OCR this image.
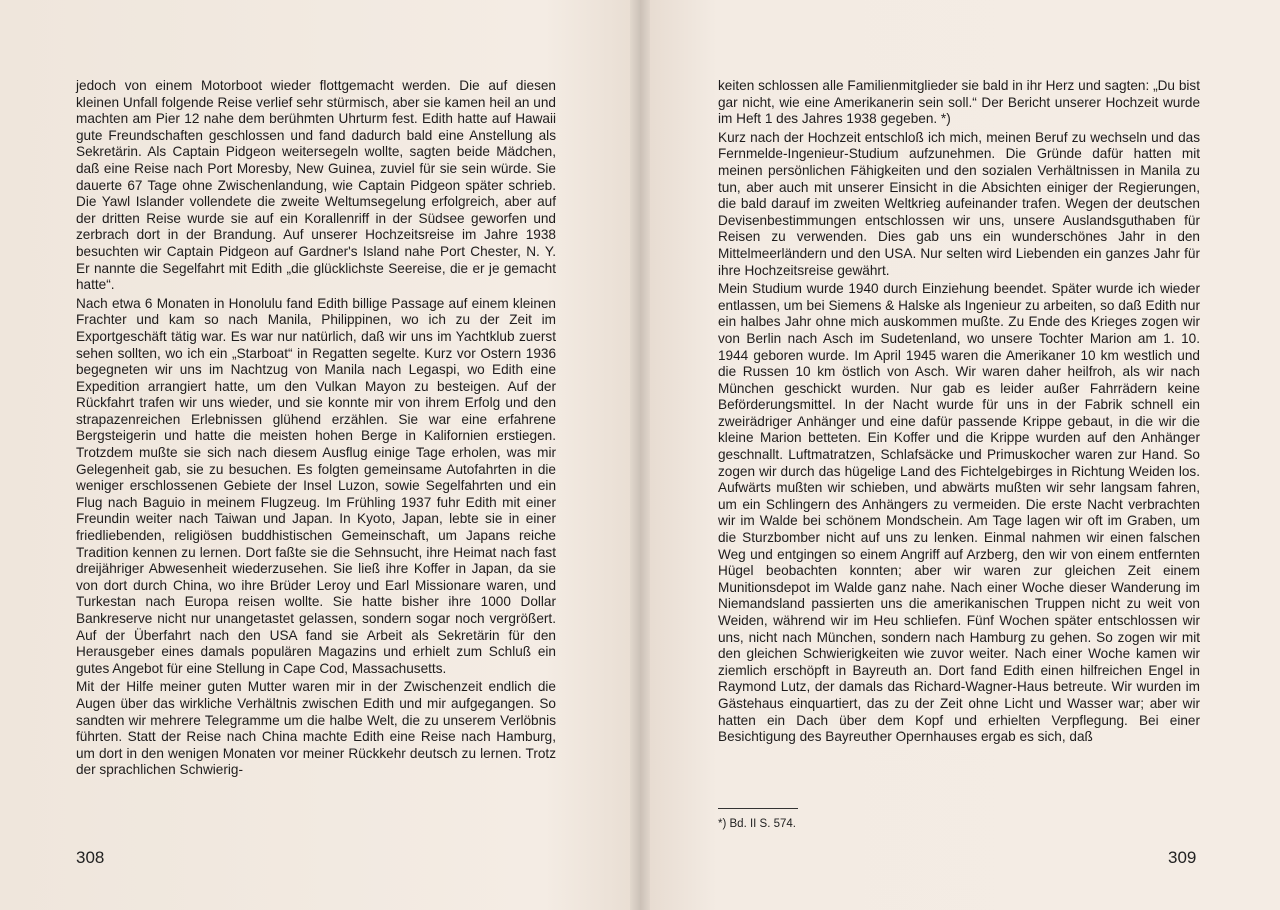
jedoch von einem Motorboot wieder flottgemacht werden. Die auf diesen kleinen Unfall folgende Reise verlief sehr stürmisch, aber sie kamen heil an und machten am Pier 12 nahe dem berühmten Uhrturm fest. Edith hatte auf Hawaii gute Freundschaften geschlossen und fand dadurch bald eine Anstellung als Sekretärin. Als Captain Pidgeon weitersegeln wollte, sagten beide Mädchen, daß eine Reise nach Port Moresby, New Guinea, zuviel für sie sein würde. Sie dauerte 67 Tage ohne Zwischenlandung, wie Captain Pidgeon später schrieb. Die Yawl Islander vollendete die zweite Weltumsegelung erfolgreich, aber auf der dritten Reise wurde sie auf ein Korallenriff in der Südsee geworfen und zerbrach dort in der Brandung. Auf unserer Hochzeitsreise im Jahre 1938 besuchten wir Captain Pidgeon auf Gardner's Island nahe Port Chester, N. Y. Er nannte die Segelfahrt mit Edith „die glücklichste Seereise, die er je gemacht hatte“.

Nach etwa 6 Monaten in Honolulu fand Edith billige Passage auf einem kleinen Frachter und kam so nach Manila, Philippinen, wo ich zu der Zeit im Exportgeschäft tätig war. Es war nur natürlich, daß wir uns im Yachtklub zuerst sehen sollten, wo ich ein „Starboat“ in Regatten segelte. Kurz vor Ostern 1936 begegneten wir uns im Nachtzug von Manila nach Legaspi, wo Edith eine Expedition arrangiert hatte, um den Vulkan Mayon zu besteigen. Auf der Rückfahrt trafen wir uns wieder, und sie konnte mir von ihrem Erfolg und den strapazenreichen Erlebnissen glühend erzählen. Sie war eine erfahrene Bergsteigerin und hatte die meisten hohen Berge in Kalifornien erstiegen. Trotzdem mußte sie sich nach diesem Ausflug einige Tage erholen, was mir Gelegenheit gab, sie zu besuchen. Es folgten gemeinsame Autofahrten in die weniger erschlossenen Gebiete der Insel Luzon, sowie Segelfahrten und ein Flug nach Baguio in meinem Flugzeug. Im Frühling 1937 fuhr Edith mit einer Freundin weiter nach Taiwan und Japan. In Kyoto, Japan, lebte sie in einer friedliebenden, religiösen buddhistischen Gemeinschaft, um Japans reiche Tradition kennen zu lernen. Dort faßte sie die Sehnsucht, ihre Heimat nach fast dreijähriger Abwesenheit wiederzusehen. Sie ließ ihre Koffer in Japan, da sie von dort durch China, wo ihre Brüder Leroy und Earl Missionare waren, und Turkestan nach Europa reisen wollte. Sie hatte bisher ihre 1000 Dollar Bankreserve nicht nur unangetastet gelassen, sondern sogar noch vergrößert. Auf der Überfahrt nach den USA fand sie Arbeit als Sekretärin für den Herausgeber eines damals populären Magazins und erhielt zum Schluß ein gutes Angebot für eine Stellung in Cape Cod, Massachusetts.

Mit der Hilfe meiner guten Mutter waren mir in der Zwischenzeit endlich die Augen über das wirkliche Verhältnis zwischen Edith und mir aufgegangen. So sandten wir mehrere Telegramme um die halbe Welt, die zu unserem Verlöbnis führten. Statt der Reise nach China machte Edith eine Reise nach Hamburg, um dort in den wenigen Monaten vor meiner Rückkehr deutsch zu lernen. Trotz der sprachlichen Schwierig-

308

keiten schlossen alle Familienmitglieder sie bald in ihr Herz und sagten: „Du bist gar nicht, wie eine Amerikanerin sein soll.“ Der Bericht unserer Hochzeit wurde im Heft 1 des Jahres 1938 gegeben. *)

Kurz nach der Hochzeit entschloß ich mich, meinen Beruf zu wechseln und das Fernmelde-Ingenieur-Studium aufzunehmen. Die Gründe dafür hatten mit meinen persönlichen Fähigkeiten und den sozialen Verhältnissen in Manila zu tun, aber auch mit unserer Einsicht in die Absichten einiger der Regierungen, die bald darauf im zweiten Weltkrieg aufeinander trafen. Wegen der deutschen Devisenbestimmungen entschlossen wir uns, unsere Auslandsguthaben für Reisen zu verwenden. Dies gab uns ein wunderschönes Jahr in den Mittelmeerländern und den USA. Nur selten wird Liebenden ein ganzes Jahr für ihre Hochzeitsreise gewährt.

Mein Studium wurde 1940 durch Einziehung beendet. Später wurde ich wieder entlassen, um bei Siemens & Halske als Ingenieur zu arbeiten, so daß Edith nur ein halbes Jahr ohne mich auskommen mußte. Zu Ende des Krieges zogen wir von Berlin nach Asch im Sudetenland, wo unsere Tochter Marion am 1. 10. 1944 geboren wurde. Im April 1945 waren die Amerikaner 10 km westlich und die Russen 10 km östlich von Asch. Wir waren daher heilfroh, als wir nach München geschickt wurden. Nur gab es leider außer Fahrrädern keine Beförderungsmittel. In der Nacht wurde für uns in der Fabrik schnell ein zweirädriger Anhänger und eine dafür passende Krippe gebaut, in die wir die kleine Marion betteten. Ein Koffer und die Krippe wurden auf den Anhänger geschnallt. Luftmatratzen, Schlafsäcke und Primuskocher waren zur Hand. So zogen wir durch das hügelige Land des Fichtelgebirges in Richtung Weiden los. Aufwärts mußten wir schieben, und abwärts mußten wir sehr langsam fahren, um ein Schlingern des Anhängers zu vermeiden. Die erste Nacht verbrachten wir im Walde bei schönem Mondschein. Am Tage lagen wir oft im Graben, um die Sturzbomber nicht auf uns zu lenken. Einmal nahmen wir einen falschen Weg und entgingen so einem Angriff auf Arzberg, den wir von einem entfernten Hügel beobachten konnten; aber wir waren zur gleichen Zeit einem Munitionsdepot im Walde ganz nahe. Nach einer Woche dieser Wanderung im Niemandsland passierten uns die amerikanischen Truppen nicht zu weit von Weiden, während wir im Heu schliefen. Fünf Wochen später entschlossen wir uns, nicht nach München, sondern nach Hamburg zu gehen. So zogen wir mit den gleichen Schwierigkeiten wie zuvor weiter. Nach einer Woche kamen wir ziemlich erschöpft in Bayreuth an. Dort fand Edith einen hilfreichen Engel in Raymond Lutz, der damals das Richard-Wagner-Haus betreute. Wir wurden im Gästehaus einquartiert, das zu der Zeit ohne Licht und Wasser war; aber wir hatten ein Dach über dem Kopf und erhielten Verpflegung. Bei einer Besichtigung des Bayreuther Opernhauses ergab es sich, daß

*) Bd. II S. 574.
309
